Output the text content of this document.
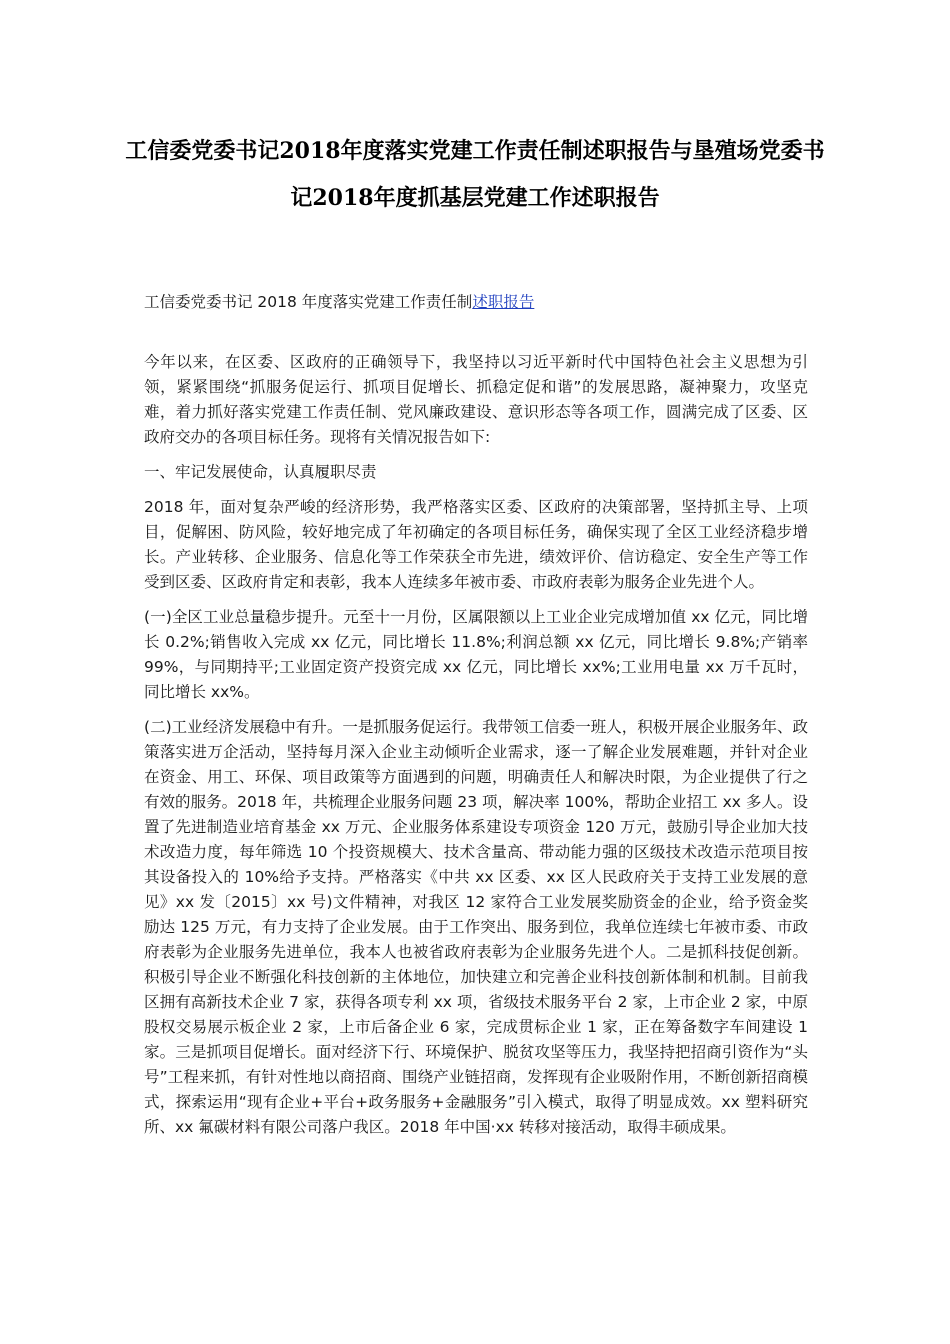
工信委党委书记2018年度落实党建工作责任制述职报告与垦殖场党委书记2018年度抓基层党建工作述职报告
工信委党委书记 2018 年度落实党建工作责任制述职报告

今年以来，在区委、区政府的正确领导下，我坚持以习近平新时代中国特色社会主义思想为引领，紧紧围绕“抓服务促运行、抓项目促增长、抓稳定促和谐”的发展思路，凝神聚力，攻坚克难，着力抓好落实党建工作责任制、党风廉政建设、意识形态等各项工作，圆满完成了区委、区政府交办的各项目标任务。现将有关情况报告如下:

一、牢记发展使命，认真履职尽责

2018 年，面对复杂严峻的经济形势，我严格落实区委、区政府的决策部署，坚持抓主导、上项目，促解困、防风险，较好地完成了年初确定的各项目标任务，确保实现了全区工业经济稳步增长。产业转移、企业服务、信息化等工作荣获全市先进，绩效评价、信访稳定、安全生产等工作受到区委、区政府肯定和表彰，我本人连续多年被市委、市政府表彰为服务企业先进个人。

(一)全区工业总量稳步提升。元至十一月份，区属限额以上工业企业完成增加值 xx 亿元，同比增长 0.2%;销售收入完成 xx 亿元，同比增长 11.8%;利润总额 xx 亿元，同比增长 9.8%;产销率 99%，与同期持平;工业固定资产投资完成 xx 亿元，同比增长 xx%;工业用电量 xx 万千瓦时，同比增长 xx%。

(二)工业经济发展稳中有升。一是抓服务促运行。我带领工信委一班人，积极开展企业服务年、政策落实进万企活动，坚持每月深入企业主动倾听企业需求，逐一了解企业发展难题，并针对企业在资金、用工、环保、项目政策等方面遇到的问题，明确责任人和解决时限，为企业提供了行之有效的服务。2018 年，共梳理企业服务问题 23 项，解决率 100%，帮助企业招工 xx 多人。设置了先进制造业培育基金 xx 万元、企业服务体系建设专项资金 120 万元，鼓励引导企业加大技术改造力度，每年筛选 10 个投资规模大、技术含量高、带动能力强的区级技术改造示范项目按其设备投入的 10%给予支持。严格落实《中共 xx 区委、xx 区人民政府关于支持工业发展的意见》xx 发〔2015〕xx 号)文件精神，对我区 12 家符合工业发展奖励资金的企业，给予资金奖励达 125 万元，有力支持了企业发展。由于工作突出、服务到位，我单位连续七年被市委、市政府表彰为企业服务先进单位，我本人也被省政府表彰为企业服务先进个人。二是抓科技促创新。积极引导企业不断强化科技创新的主体地位，加快建立和完善企业科技创新体制和机制。目前我区拥有高新技术企业 7 家，获得各项专利 xx 项，省级技术服务平台 2 家，上市企业 2 家，中原股权交易展示板企业 2 家，上市后备企业 6 家，完成贯标企业 1 家，正在筹备数字车间建设 1 家。三是抓项目促增长。面对经济下行、环境保护、脱贫攻坚等压力，我坚持把招商引资作为“头号”工程来抓，有针对性地以商招商、围绕产业链招商，发挥现有企业吸附作用，不断创新招商模式，探索运用“现有企业+平台+政务服务+金融服务”引入模式，取得了明显成效。xx 塑料研究所、xx 氟碳材料有限公司落户我区。2018 年中国·xx 转移对接活动，取得丰硕成果。
